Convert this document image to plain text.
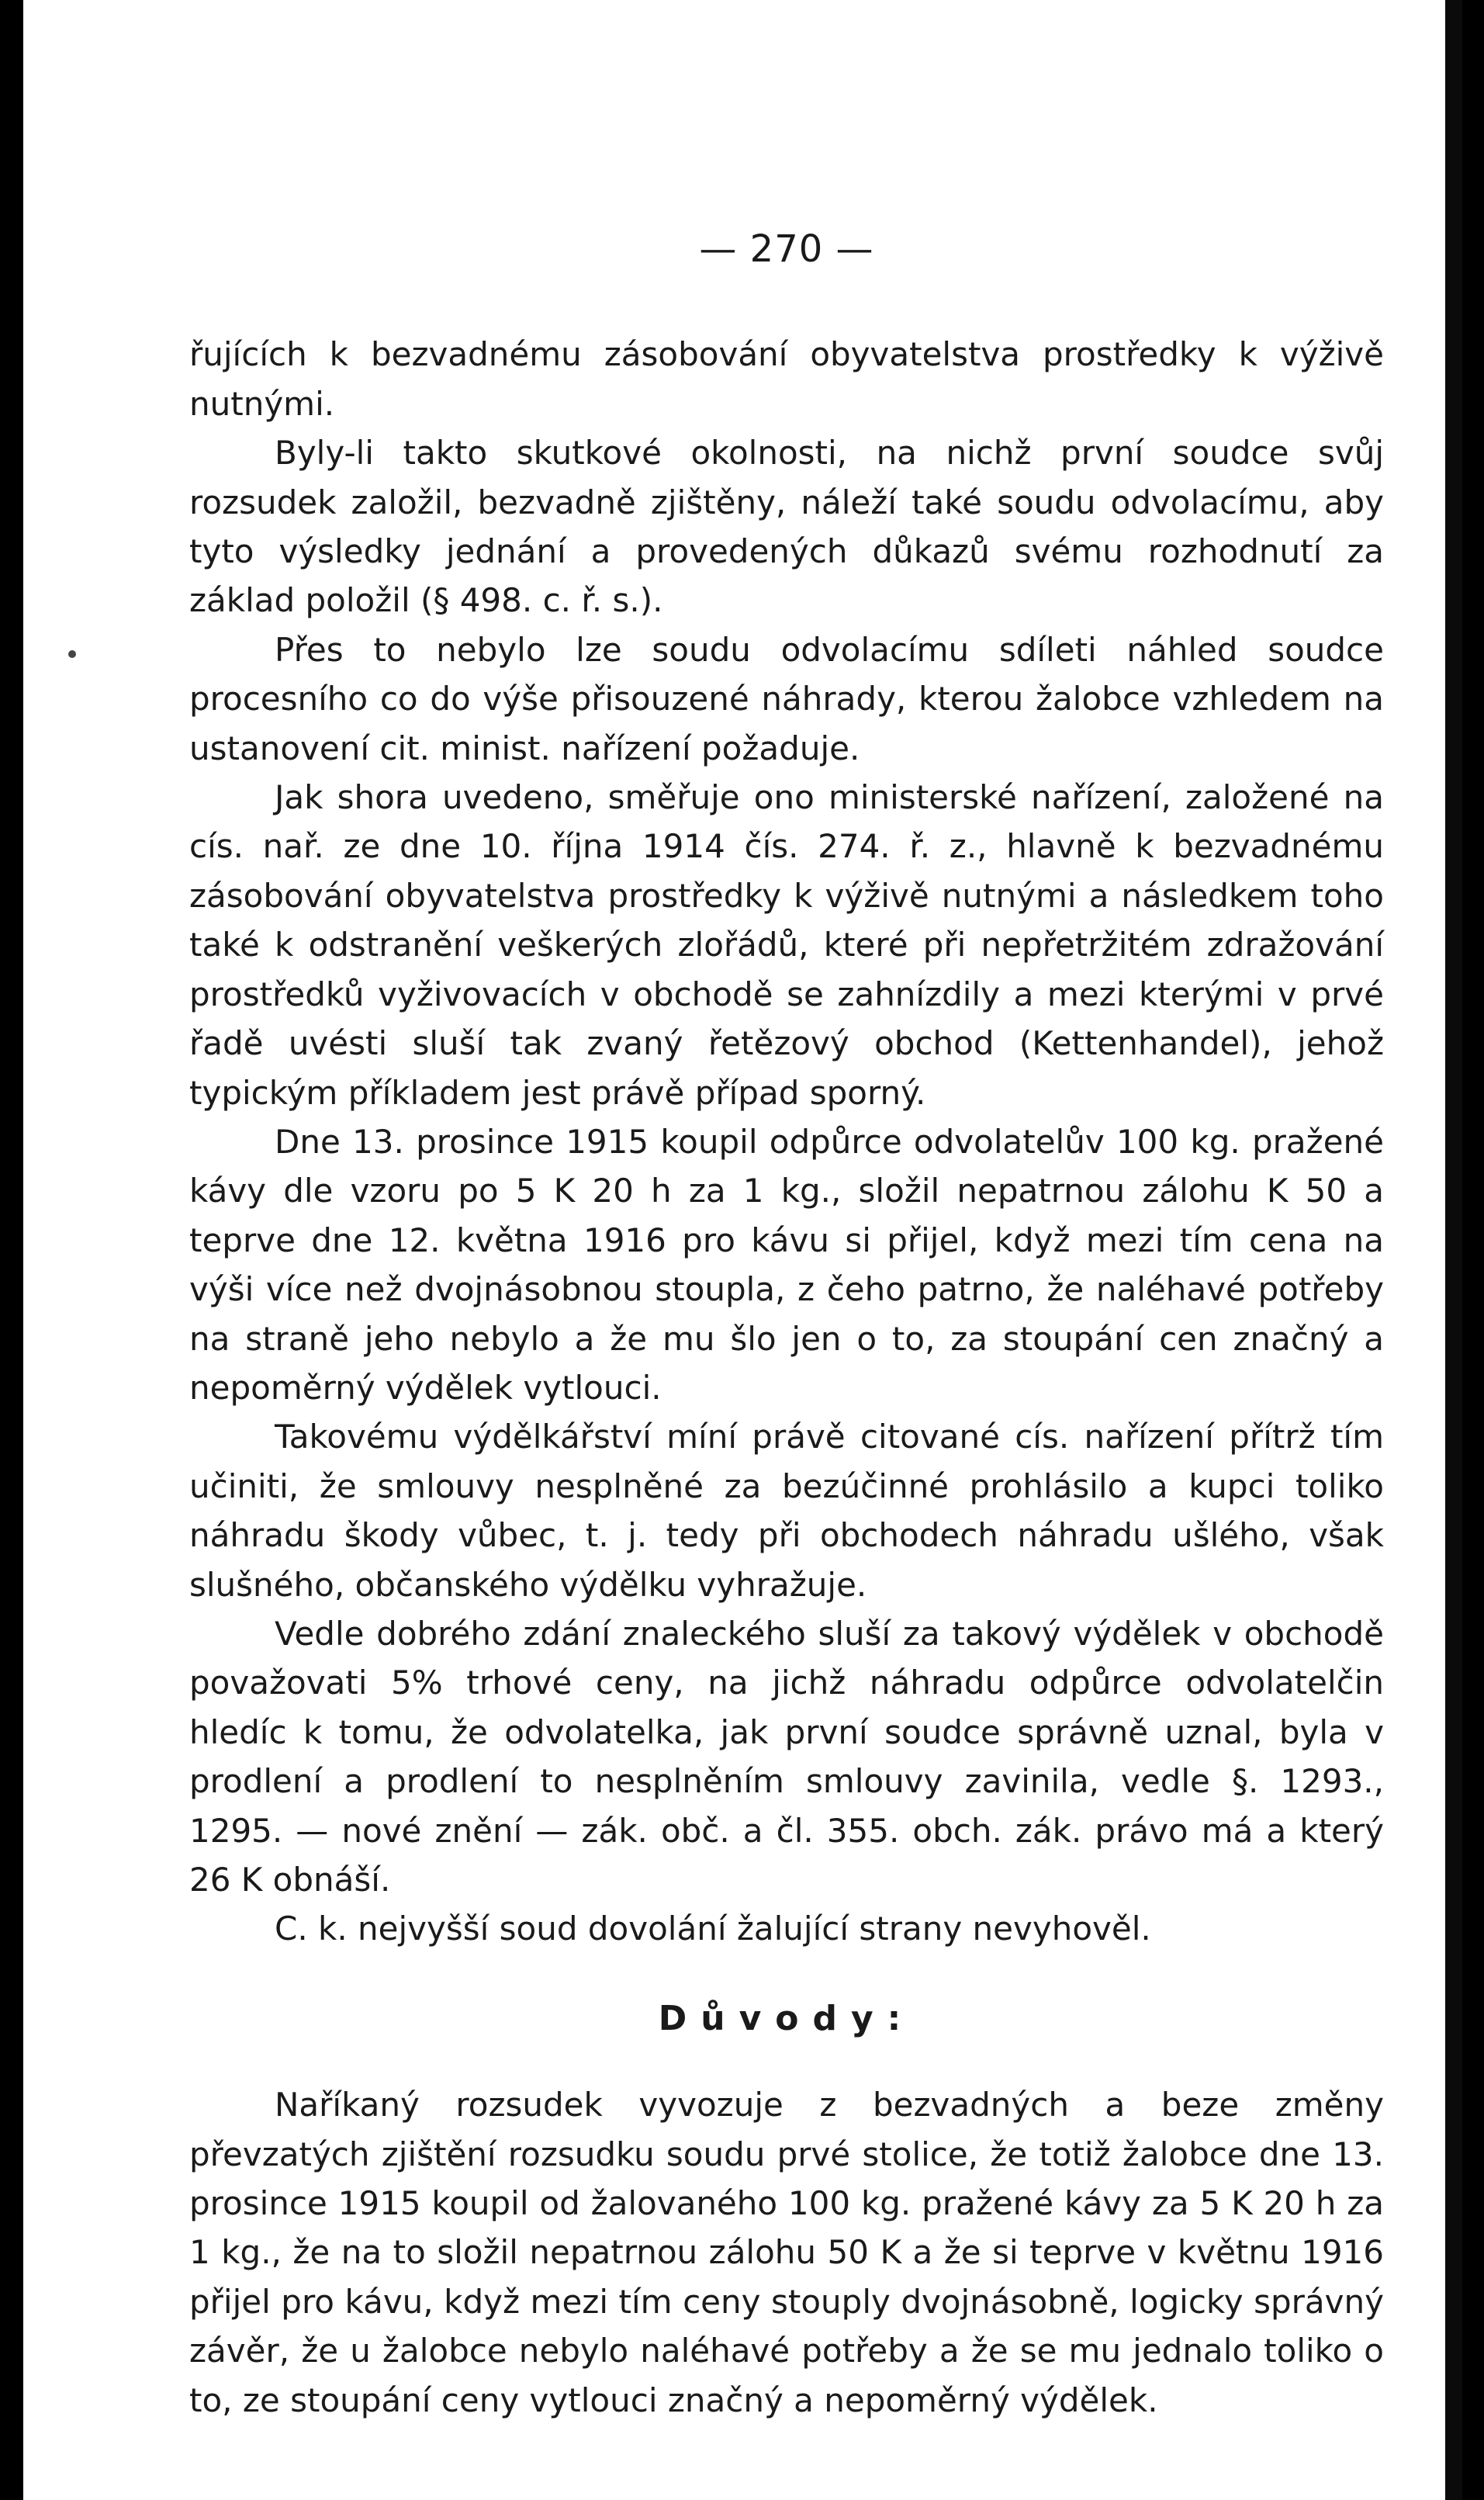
— 270 —

řujících k bezvadnému zásobování obyvatelstva prostředky k výživě nutnými.

Byly-li takto skutkové okolnosti, na nichž první soudce svůj rozsudek založil, bezvadně zjištěny, náleží také soudu odvolacímu, aby tyto výsledky jednání a provedených důkazů svému rozhodnutí za základ položil (§ 498. c. ř. s.).

Přes to nebylo lze soudu odvolacímu sdíleti náhled soudce procesního co do výše přisouzené náhrady, kterou žalobce vzhledem na ustanovení cit. minist. nařízení požaduje.

Jak shora uvedeno, směřuje ono ministerské nařízení, založené na cís. nař. ze dne 10. října 1914 čís. 274. ř. z., hlavně k bezvadnému zásobování obyvatelstva prostředky k výživě nutnými a následkem toho také k odstranění veškerých zlořádů, které při nepřetržitém zdražování prostředků vyživovacích v obchodě se zahnízdily a mezi kterými v prvé řadě uvésti sluší tak zvaný řetězový obchod (Kettenhandel), jehož typickým příkladem jest právě případ sporný.

Dne 13. prosince 1915 koupil odpůrce odvolatelův 100 kg. pražené kávy dle vzoru po 5 K 20 h za 1 kg., složil nepatrnou zálohu K 50 a teprve dne 12. května 1916 pro kávu si přijel, když mezi tím cena na výši více než dvojnásobnou stoupla, z čeho patrno, že naléhavé potřeby na straně jeho nebylo a že mu šlo jen o to, za stoupání cen značný a nepoměrný výdělek vytlouci.

Takovému výdělkářství míní právě citované cís. nařízení přítrž tím učiniti, že smlouvy nesplněné za bezúčinné prohlásilo a kupci toliko náhradu škody vůbec, t. j. tedy při obchodech náhradu ušlého, však slušného, občanského výdělku vyhražuje.

Vedle dobrého zdání znaleckého sluší za takový výdělek v obchodě považovati 5% trhové ceny, na jichž náhradu odpůrce odvolatelčin hledíc k tomu, že odvolatelka, jak první soudce správně uznal, byla v prodlení a prodlení to nesplněním smlouvy zavinila, vedle §. 1293., 1295. — nové znění — zák. obč. a čl. 355. obch. zák. právo má a který 26 K obnáší.

C. k. nejvyšší soud dovolání žalující strany nevyhověl.

Důvody:

Naříkaný rozsudek vyvozuje z bezvadných a beze změny převzatých zjištění rozsudku soudu prvé stolice, že totiž žalobce dne 13. prosince 1915 koupil od žalovaného 100 kg. pražené kávy za 5 K 20 h za 1 kg., že na to složil nepatrnou zálohu 50 K a že si teprve v květnu 1916 přijel pro kávu, když mezi tím ceny stouply dvojnásobně, logicky správný závěr, že u žalobce nebylo naléhavé potřeby a že se mu jednalo toliko o to, ze stoupání ceny vytlouci značný a nepoměrný výdělek.
